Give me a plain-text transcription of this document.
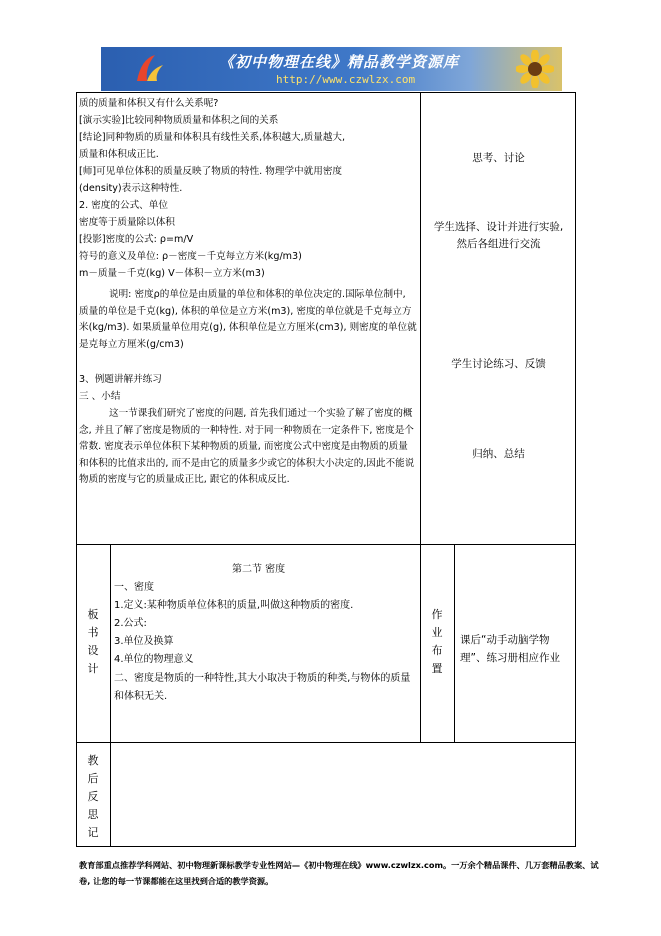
《初中物理在线》精品教学资源库
http://www.czwlzx.com
质的质量和体积又有什么关系呢?
[演示实验]比较同种物质质量和体积之间的关系
[结论]同种物质的质量和体积具有线性关系,体积越大,质量越大,
质量和体积成正比.
[师]可见单位体积的质量反映了物质的特性. 物理学中就用密度
(density)表示这种特性.
2. 密度的公式、单位
密度等于质量除以体积
[投影]密度的公式: ρ=m/V
符号的意义及单位: ρ－密度－千克每立方米(kg/m3)
m－质量－千克(kg) V－体积－立方米(m3)
说明: 密度ρ的单位是由质量的单位和体积的单位决定的.国际单位制中, 质量的单位是千克(kg), 体积的单位是立方米(m3), 密度的单位就是千克每立方米(kg/m3). 如果质量单位用克(g), 体积单位是立方厘米(cm3), 则密度的单位就是克每立方厘米(g/cm3)
3、例题讲解并练习
三 、小结
这一节课我们研究了密度的问题, 首先我们通过一个实验了解了密度的概念, 并且了解了密度是物质的一种特性. 对于同一种物质在一定条件下, 密度是个常数. 密度表示单位体积下某种物质的质量, 而密度公式中密度是由物质的质量和体积的比值求出的, 而不是由它的质量多少或它的体积大小决定的,因此不能说物质的密度与它的质量成正比, 跟它的体积成反比.
思考、讨论
学生选择、设计并进行实验,
然后各组进行交流
学生讨论练习、反馈
归纳、总结
板书设计
第二节 密度
一、密度
1.定义:某种物质单位体积的质量,叫做这种物质的密度.
2.公式:
3.单位及换算
4.单位的物理意义
二、密度是物质的一种特性,其大小取决于物质的种类,与物体的质量和体积无关.
作业布置
课后“动手动脑学物理”、练习册相应作业
教后反思记
教育部重点推荐学科网站、初中物理新课标教学专业性网站—《初中物理在线》www.czwlzx.com。一万余个精品课件、几万套精品教案、试卷, 让您的每一节课都能在这里找到合适的教学资源。
